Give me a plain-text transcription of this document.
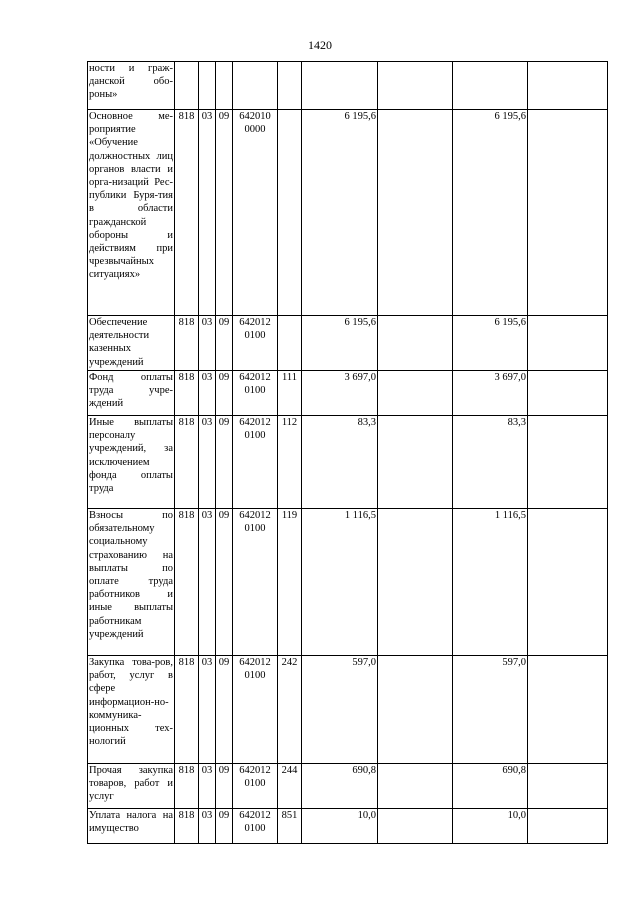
1420
ности и граж-данской обо-роны»									

Основное ме-роприятие «Обучение должностных лиц органов власти и орга-низаций Рес-публики Буря-тия в области гражданской обороны и действиям при чрезвычайных ситуациях»	818	03	09	642010 0000		6 195,6		6 195,6	

Обеспечение деятельности казенных учреждений	818	03	09	642012 0100		6 195,6		6 195,6	

Фонд оплаты труда учре-ждений	818	03	09	642012 0100	111	3 697,0		3 697,0	

Иные выплаты персоналу учреждений, за исключением фонда оплаты труда	818	03	09	642012 0100	112	83,3		83,3	

Взносы по обязательному социальному страхованию на выплаты по оплате труда работников и иные выплаты работникам учреждений	818	03	09	642012 0100	119	1 116,5		1 116,5	

Закупка това-ров, работ, услуг в сфере информацион-но-коммуника-ционных тех-нологий	818	03	09	642012 0100	242	597,0		597,0	

Прочая закупка товаров, работ и услуг	818	03	09	642012 0100	244	690,8		690,8	

Уплата налога на имущество	818	03	09	642012 0100	851	10,0		10,0	
